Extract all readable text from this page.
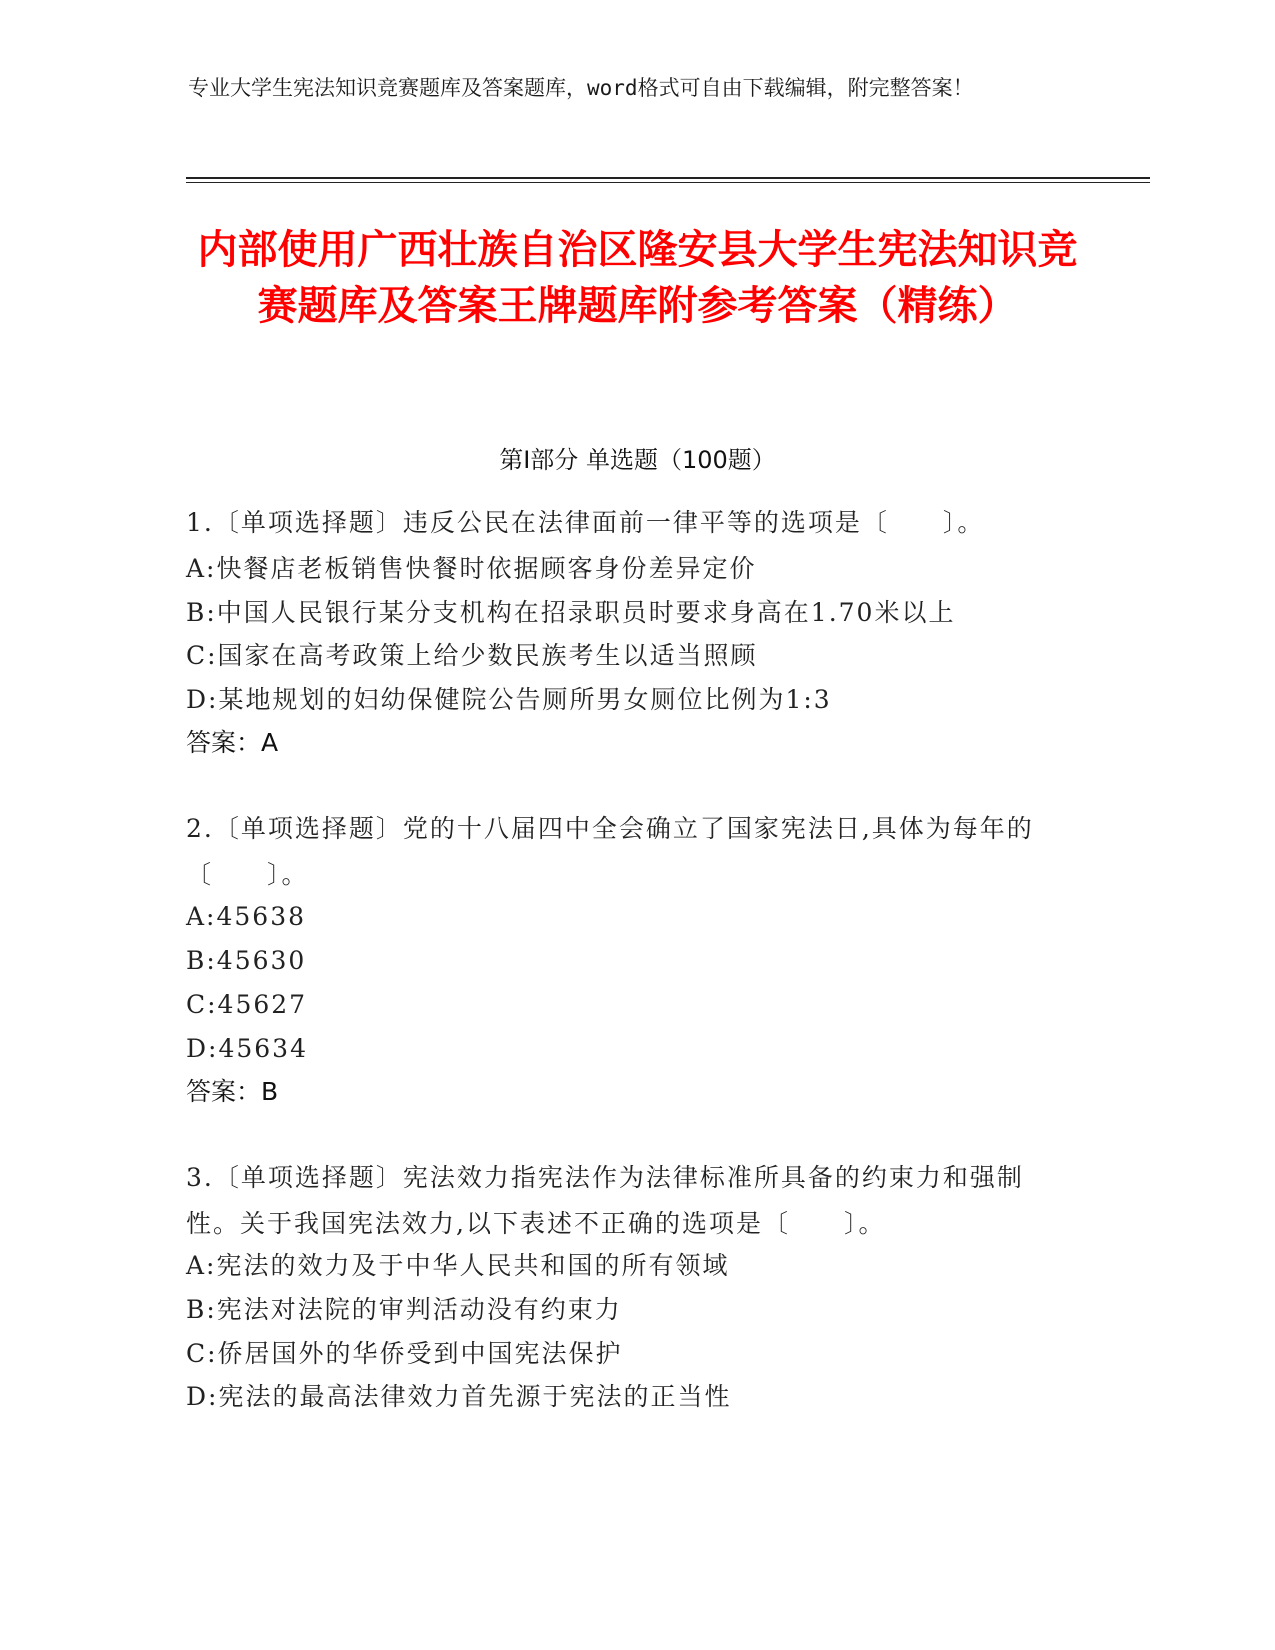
专业大学生宪法知识竞赛题库及答案题库，word格式可自由下载编辑，附完整答案！
内部使用广西壮族自治区隆安县大学生宪法知识竞赛题库及答案王牌题库附参考答案（精练）
第Ⅰ部分 单选题（100题）
1.〔单项选择题〕违反公民在法律面前一律平等的选项是〔　　〕。
A:快餐店老板销售快餐时依据顾客身份差异定价
B:中国人民银行某分支机构在招录职员时要求身高在1.70米以上
C:国家在高考政策上给少数民族考生以适当照顾
D:某地规划的妇幼保健院公告厕所男女厕位比例为1:3
答案：A
2.〔单项选择题〕党的十八届四中全会确立了国家宪法日,具体为每年的〔　　〕。
A:45638
B:45630
C:45627
D:45634
答案：B
3.〔单项选择题〕宪法效力指宪法作为法律标准所具备的约束力和强制性。关于我国宪法效力,以下表述不正确的选项是〔　　〕。
A:宪法的效力及于中华人民共和国的所有领域
B:宪法对法院的审判活动没有约束力
C:侨居国外的华侨受到中国宪法保护
D:宪法的最高法律效力首先源于宪法的正当性
